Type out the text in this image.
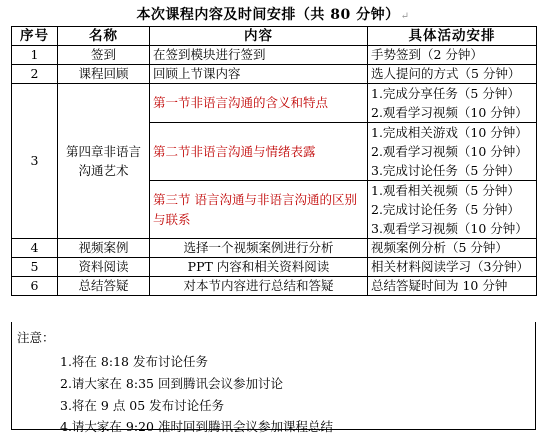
本次课程内容及时间安排（共 80 分钟）↵
序号	名称	内容	具体活动安排
1	签到	在签到模块进行签到	手势签到（2 分钟）
2	课程回顾	回顾上节课内容	选人提问的方式（5 分钟）
3	第四章非语言沟通艺术	第一节非语言沟通的含义和特点	1.完成分享任务（5 分钟）
2.观看学习视频（10 分钟）

		第二节非语言沟通与情绪表露	1.完成相关游戏（10 分钟）
2.观看学习视频（10 分钟）
3.完成讨论任务（5 分钟）

		第三节 语言沟通与非语言沟通的区别与联系	1.观看相关视频（5 分钟）
2.完成讨论任务（5 分钟）
3.观看学习视频（10 分钟）

4	视频案例	选择一个视频案例进行分析	视频案例分析（5 分钟）
5	资料阅读	PPT 内容和相关资料阅读	相关材料阅读学习（3分钟）
6	总结答疑	对本节内容进行总结和答疑	总结答疑时间为 10 分钟
注意：
1.将在 8:18 发布讨论任务
2.请大家在 8:35 回到腾讯会议参加讨论
3.将在 9 点 05 发布讨论任务
4.请大家在 9:20 准时回到腾讯会议参加课程总结
